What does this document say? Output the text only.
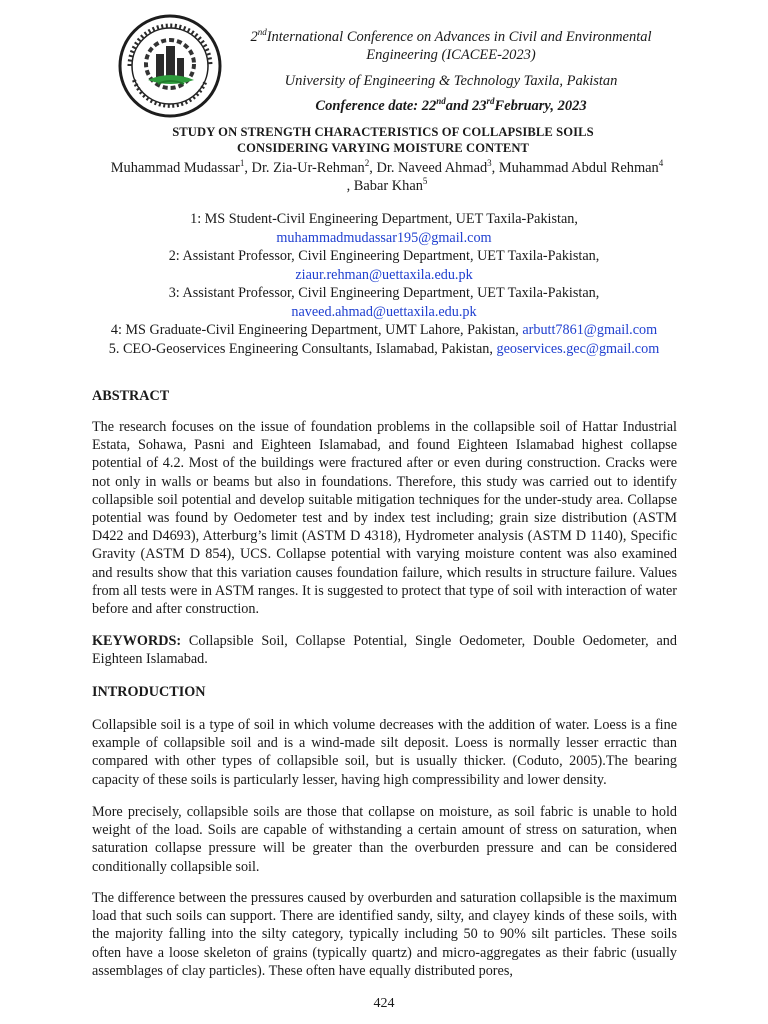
2ndInternational Conference on Advances in Civil and Environmental
Engineering (ICACEE-2023)
University of Engineering & Technology Taxila, Pakistan
Conference date: 22ndand 23rdFebruary, 2023
STUDY ON STRENGTH CHARACTERISTICS OF COLLAPSIBLE SOILS
CONSIDERING VARYING MOISTURE CONTENT
Muhammad Mudassar$^1$, Dr. Zia-Ur-Rehman$^2$, Dr. Naveed Ahmad$^3$, Muhammad Abdul Rehman$^4$
, Babar Khan$^5$
1: MS Student-Civil Engineering Department, UET Taxila-Pakistan,
muhammadmudassar195@gmail.com
2: Assistant Professor, Civil Engineering Department, UET Taxila-Pakistan,
ziaur.rehman@uettaxila.edu.pk
3: Assistant Professor, Civil Engineering Department, UET Taxila-Pakistan,
naveed.ahmad@uettaxila.edu.pk
4: MS Graduate-Civil Engineering Department, UMT Lahore, Pakistan, arbutt7861@gmail.com
5. CEO-Geoservices Engineering Consultants, Islamabad, Pakistan, geoservices.gec@gmail.com
ABSTRACT
The research focuses on the issue of foundation problems in the collapsible soil of Hattar Industrial Estata, Sohawa, Pasni and Eighteen Islamabad, and found Eighteen Islamabad highest collapse potential of 4.2. Most of the buildings were fractured after or even during construction. Cracks were not only in walls or beams but also in foundations. Therefore, this study was carried out to identify collapsible soil potential and develop suitable mitigation techniques for the under-study area. Collapse potential was found by Oedometer test and by index test including; grain size distribution (ASTM D422 and D4693), Atterburg’s limit (ASTM D 4318), Hydrometer analysis (ASTM D 1140), Specific Gravity (ASTM D 854), UCS. Collapse potential with varying moisture content was also examined and results show that this variation causes foundation failure, which results in structure failure. Values from all tests were in ASTM ranges. It is suggested to protect that type of soil with interaction of water before and after construction.
KEYWORDS: Collapsible Soil, Collapse Potential, Single Oedometer, Double Oedometer, and Eighteen Islamabad.
INTRODUCTION
Collapsible soil is a type of soil in which volume decreases with the addition of water. Loess is a fine example of collapsible soil and is a wind-made silt deposit. Loess is normally lesser erractic than compared with other types of collapsible soil, but is usually thicker. (Coduto, 2005).The bearing capacity of these soils is particularly lesser, having high compressibility and lower density.
More precisely, collapsible soils are those that collapse on moisture, as soil fabric is unable to hold weight of the load. Soils are capable of withstanding a certain amount of stress on saturation, when saturation collapse pressure will be greater than the overburden pressure and can be considered conditionally collapsible soil.
The difference between the pressures caused by overburden and saturation collapsible is the maximum load that such soils can support. There are identified sandy, silty, and clayey kinds of these soils, with the majority falling into the silty category, typically including 50 to 90% silt particles. These soils often have a loose skeleton of grains (typically quartz) and micro-aggregates as their fabric (usually assemblages of clay particles). These often have equally distributed pores,
424
